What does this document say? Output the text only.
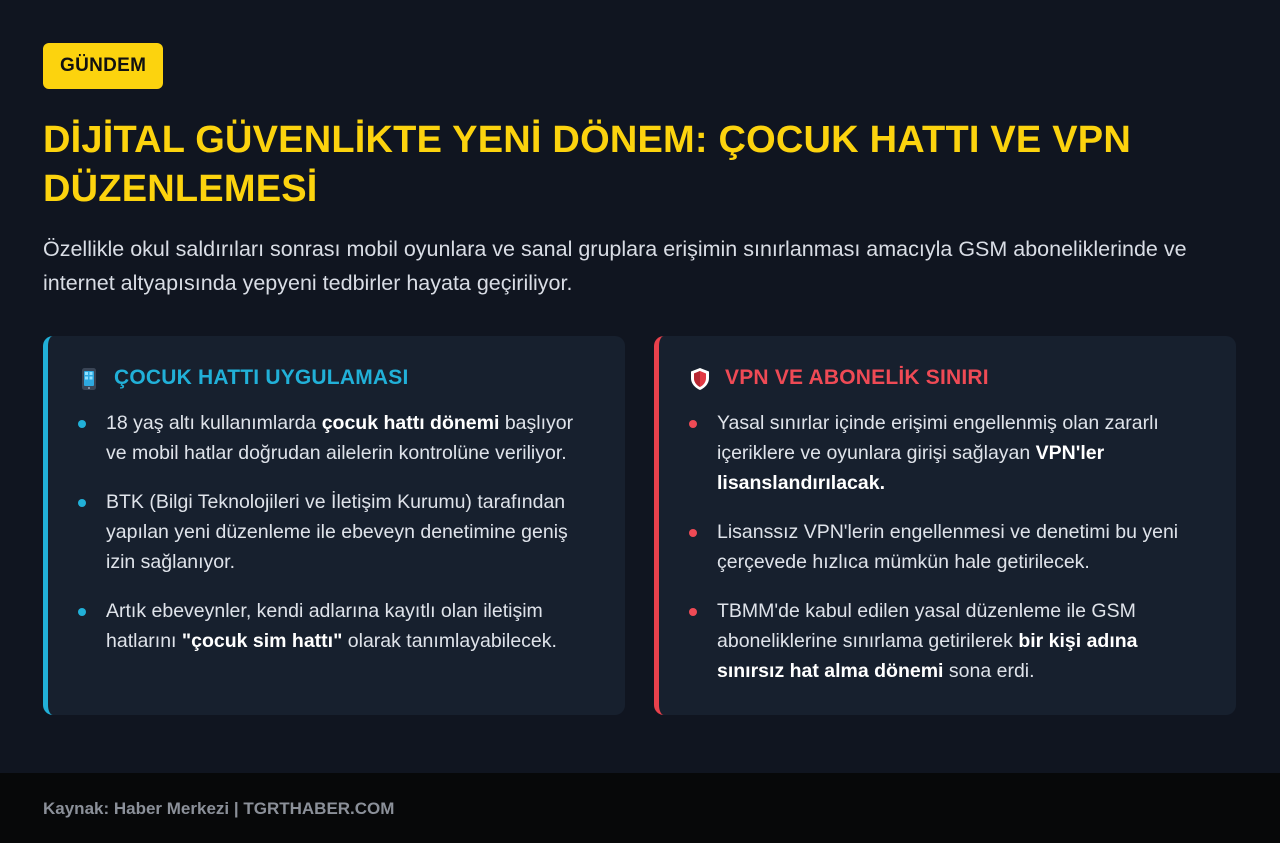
GÜNDEM
DİJİTAL GÜVENLİKTE YENİ DÖNEM: ÇOCUK HATTI VE VPN DÜZENLEMESİ

Özellikle okul saldırıları sonrası mobil oyunlara ve sanal gruplara erişimin sınırlanması amacıyla GSM aboneliklerinde ve internet altyapısında yepyeni tedbirler hayata geçiriliyor.

ÇOCUK HATTI UYGULAMASI
18 yaş altı kullanımlarda çocuk hattı dönemi başlıyor ve mobil hatlar doğrudan ailelerin kontrolüne veriliyor.
BTK (Bilgi Teknolojileri ve İletişim Kurumu) tarafından yapılan yeni düzenleme ile ebeveyn denetimine geniş izin sağlanıyor.
Artık ebeveynler, kendi adlarına kayıtlı olan iletişim hatlarını "çocuk sim hattı" olarak tanımlayabilecek.
VPN VE ABONELİK SINIRI
Yasal sınırlar içinde erişimi engellenmiş olan zararlı içeriklere ve oyunlara girişi sağlayan VPN'ler lisanslandırılacak.
Lisanssız VPN'lerin engellenmesi ve denetimi bu yeni çerçevede hızlıca mümkün hale getirilecek.
TBMM'de kabul edilen yasal düzenleme ile GSM aboneliklerine sınırlama getirilerek bir kişi adına sınırsız hat alma dönemi sona erdi.
Kaynak: Haber Merkezi | TGRTHABER.COM
